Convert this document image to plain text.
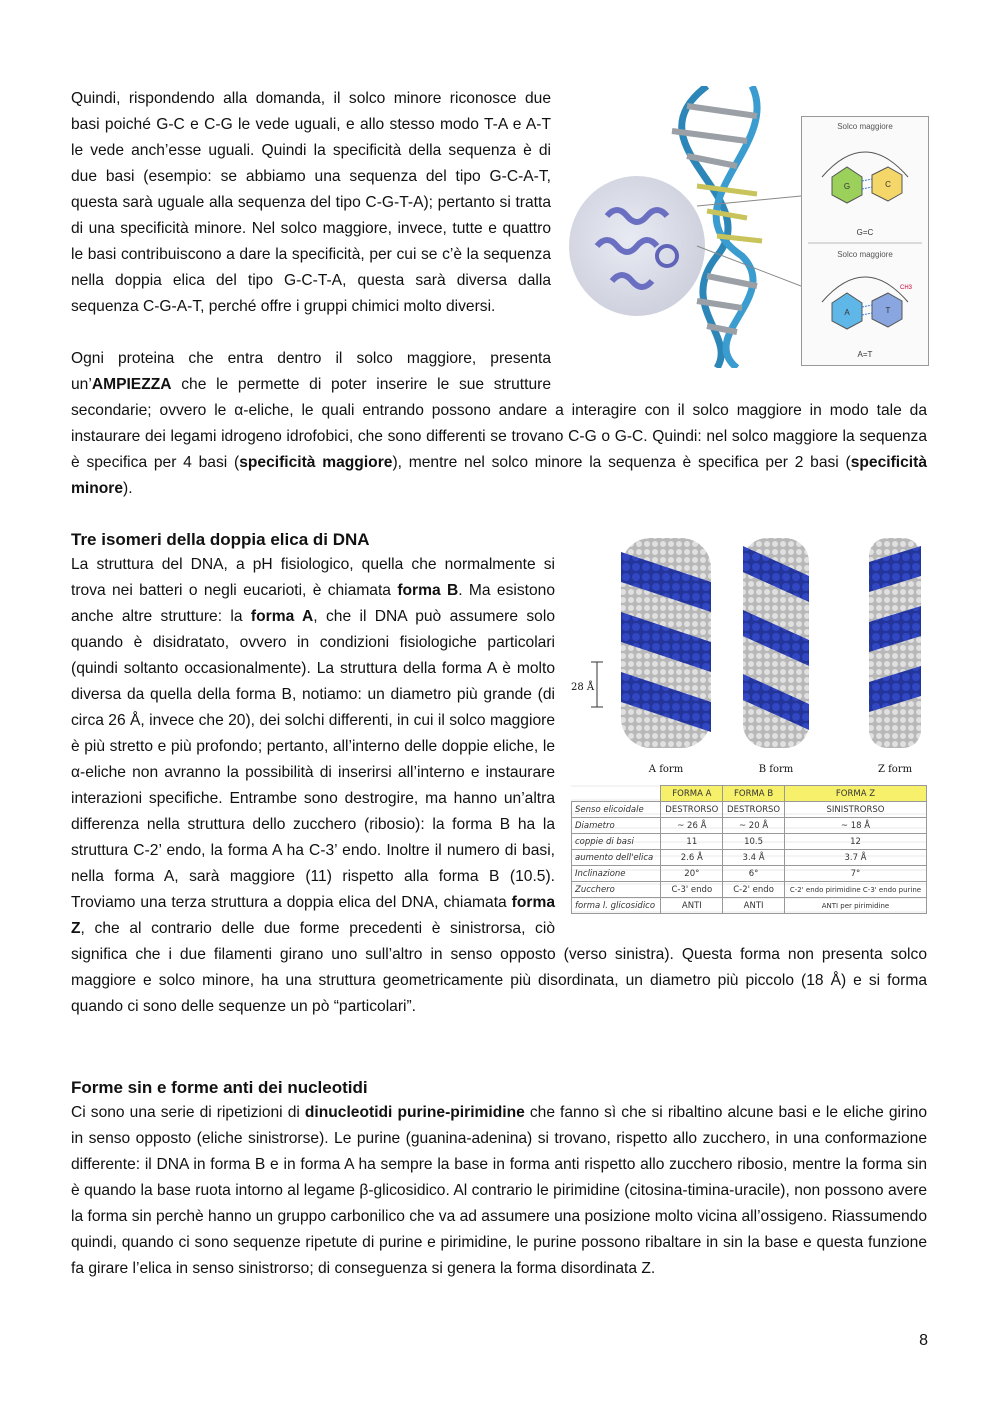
Solco maggiore
G	C
G=C
Solco maggiore
A	T
CH3
A=T

Quindi, rispondendo alla domanda, il solco minore riconosce due basi poiché G-C e C-G le vede uguali, e allo stesso modo T-A e A-T le vede anch’esse uguali. Quindi la specificità della sequenza è di due basi (esempio: se abbiamo una sequenza del tipo G-C-A-T, questa sarà uguale alla sequenza del tipo C-G-T-A); pertanto si tratta di una specificità minore. Nel solco maggiore, invece, tutte e quattro le basi contribuiscono a dare la specificità, per cui se c’è la sequenza nella doppia elica del tipo G-C-T-A, questa sarà diversa dalla sequenza C-G-A-T, perché offre i gruppi chimici molto diversi.

Ogni proteina che entra dentro il solco maggiore, presenta un’AMPIEZZA che le permette di poter inserire le sue strutture secondarie; ovvero le α-eliche, le quali entrando possono andare a interagire con il solco maggiore in modo tale da instaurare dei legami idrogeno idrofobici, che sono differenti se trovano C-G o G-C. Quindi: nel solco maggiore la sequenza è specifica per 4 basi (specificità maggiore), mentre nel solco minore la sequenza è specifica per 2 basi (specificità minore).

28 Å
A form	B form	Z form
	FORMA A	FORMA B	FORMA Z
Senso elicoidale	DESTRORSO	DESTRORSO	SINISTRORSO
Diametro	~ 26 Å	~ 20 Å	~ 18 Å
coppie di basi	11	10.5	12
aumento dell'elica	2.6 Å	3.4 Å	3.7 Å
Inclinazione	20°	6°	7°
Zucchero	C-3' endo	C-2' endo	C-2' endo pirimidine C-3' endo purine
forma l. glicosidico	ANTI	ANTI	ANTI per pirimidine
Tre isomeri della doppia elica di DNA

La struttura del DNA, a pH fisiologico, quella che normalmente si trova nei batteri o negli eucarioti, è chiamata forma B. Ma esistono anche altre strutture: la forma A, che il DNA può assumere solo quando è disidratato, ovvero in condizioni fisiologiche particolari (quindi soltanto occasionalmente). La struttura della forma A è molto diversa da quella della forma B, notiamo: un diametro più grande (di circa 26 Å, invece che 20), dei solchi differenti, in cui il solco maggiore è più stretto e più profondo; pertanto, all’interno delle doppie eliche, le α-eliche non avranno la possibilità di inserirsi all’interno e instaurare interazioni specifiche. Entrambe sono destrogire, ma hanno un’altra differenza nella struttura dello zucchero (ribosio): la forma B ha la struttura C-2’ endo, la forma A ha C-3’ endo. Inoltre il numero di basi, nella forma A, sarà maggiore (11) rispetto alla forma B (10.5). Troviamo una terza struttura a doppia elica del DNA, chiamata forma Z, che al contrario delle due forme precedenti è sinistrorsa, ciò significa che i due filamenti girano uno sull’altro in senso opposto (verso sinistra). Questa forma non presenta solco maggiore e solco minore, ha una struttura geometricamente più disordinata, un diametro più piccolo (18 Å) e si forma quando ci sono delle sequenze un pò “particolari”.

Forme sin e forme anti dei nucleotidi

Ci sono una serie di ripetizioni di dinucleotidi purine-pirimidine che fanno sì che si ribaltino alcune basi e le eliche girino in senso opposto (eliche sinistrorse). Le purine (guanina-adenina) si trovano, rispetto allo zucchero, in una conformazione differente: il DNA in forma B e in forma A ha sempre la base in forma anti rispetto allo zucchero ribosio, mentre la forma sin è quando la base ruota intorno al legame β-glicosidico. Al contrario le pirimidine (citosina-timina-uracile), non possono avere la forma sin perchè hanno un gruppo carbonilico che va ad assumere una posizione molto vicina all’ossigeno. Riassumendo quindi, quando ci sono sequenze ripetute di purine e pirimidine, le purine possono ribaltare in sin la base e questa funzione fa girare l’elica in senso sinistrorso; di conseguenza si genera la forma disordinata Z.

8
